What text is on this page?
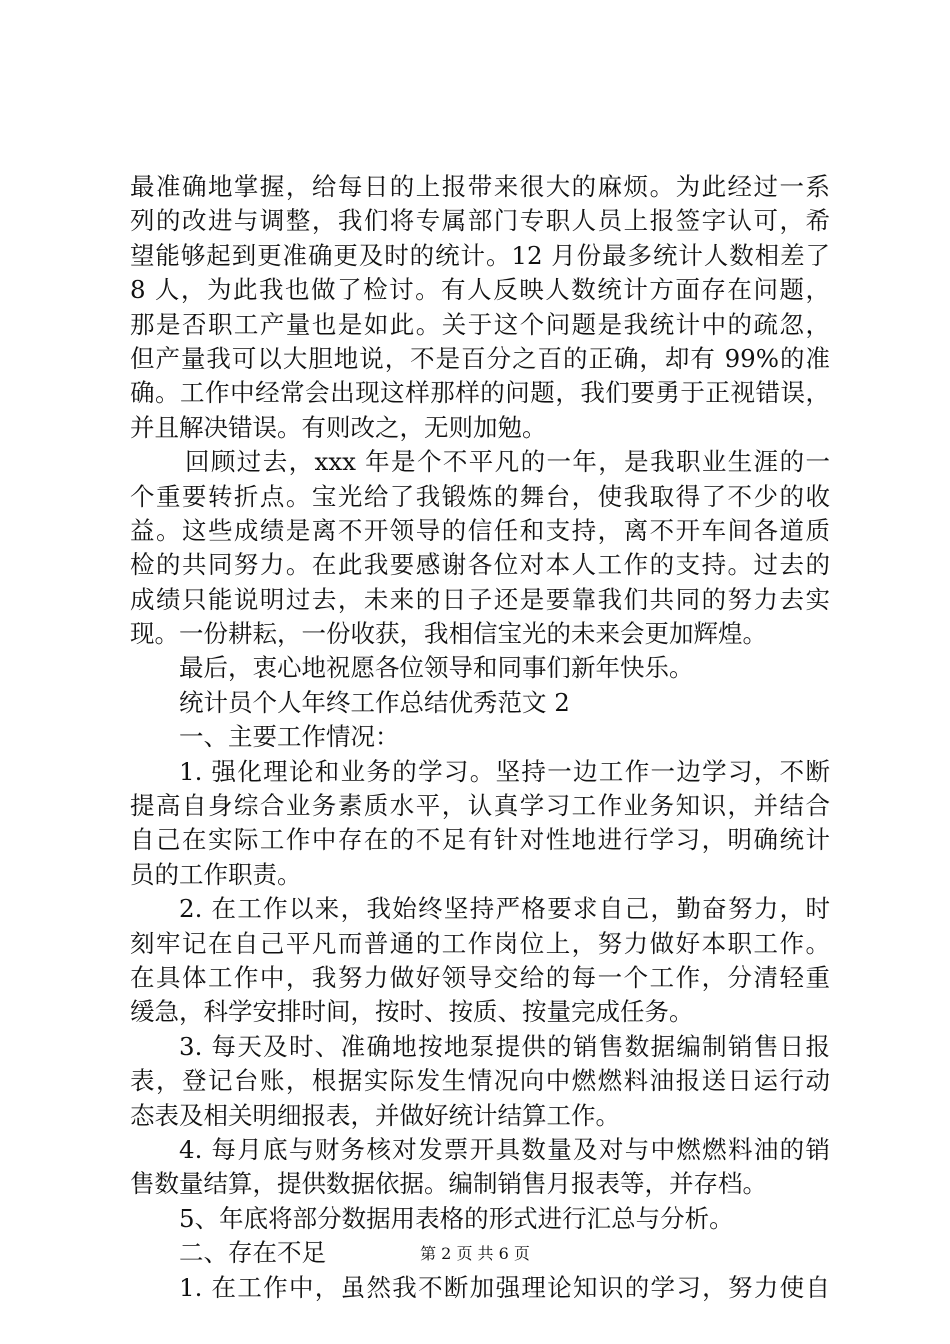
最准确地掌握，给每日的上报带来很大的麻烦。为此经过一系
列的改进与调整，我们将专属部门专职人员上报签字认可，希
望能够起到更准确更及时的统计。12 月份最多统计人数相差了
8 人，为此我也做了检讨。有人反映人数统计方面存在问题，
那是否职工产量也是如此。关于这个问题是我统计中的疏忽，
但产量我可以大胆地说，不是百分之百的正确，却有 99%的准
确。工作中经常会出现这样那样的问题，我们要勇于正视错误，
并且解决错误。有则改之，无则加勉。
回顾过去，xxx 年是个不平凡的一年，是我职业生涯的一
个重要转折点。宝光给了我锻炼的舞台，使我取得了不少的收
益。这些成绩是离不开领导的信任和支持，离不开车间各道质
检的共同努力。在此我要感谢各位对本人工作的支持。过去的
成绩只能说明过去，未来的日子还是要靠我们共同的努力去实
现。一份耕耘，一份收获，我相信宝光的未来会更加辉煌。
最后，衷心地祝愿各位领导和同事们新年快乐。
统计员个人年终工作总结优秀范文 2
一、主要工作情况：
1. 强化理论和业务的学习。坚持一边工作一边学习，不断
提高自身综合业务素质水平，认真学习工作业务知识，并结合
自己在实际工作中存在的不足有针对性地进行学习，明确统计
员的工作职责。
2. 在工作以来，我始终坚持严格要求自己，勤奋努力，时
刻牢记在自己平凡而普通的工作岗位上，努力做好本职工作。
在具体工作中，我努力做好领导交给的每一个工作，分清轻重
缓急，科学安排时间，按时、按质、按量完成任务。
3. 每天及时、准确地按地泵提供的销售数据编制销售日报
表，登记台账，根据实际发生情况向中燃燃料油报送日运行动
态表及相关明细报表，并做好统计结算工作。
4. 每月底与财务核对发票开具数量及对与中燃燃料油的销
售数量结算，提供数据依据。编制销售月报表等，并存档。
5、年底将部分数据用表格的形式进行汇总与分析。
二、存在不足
1. 在工作中，虽然我不断加强理论知识的学习，努力使自
第 2 页 共 6 页
